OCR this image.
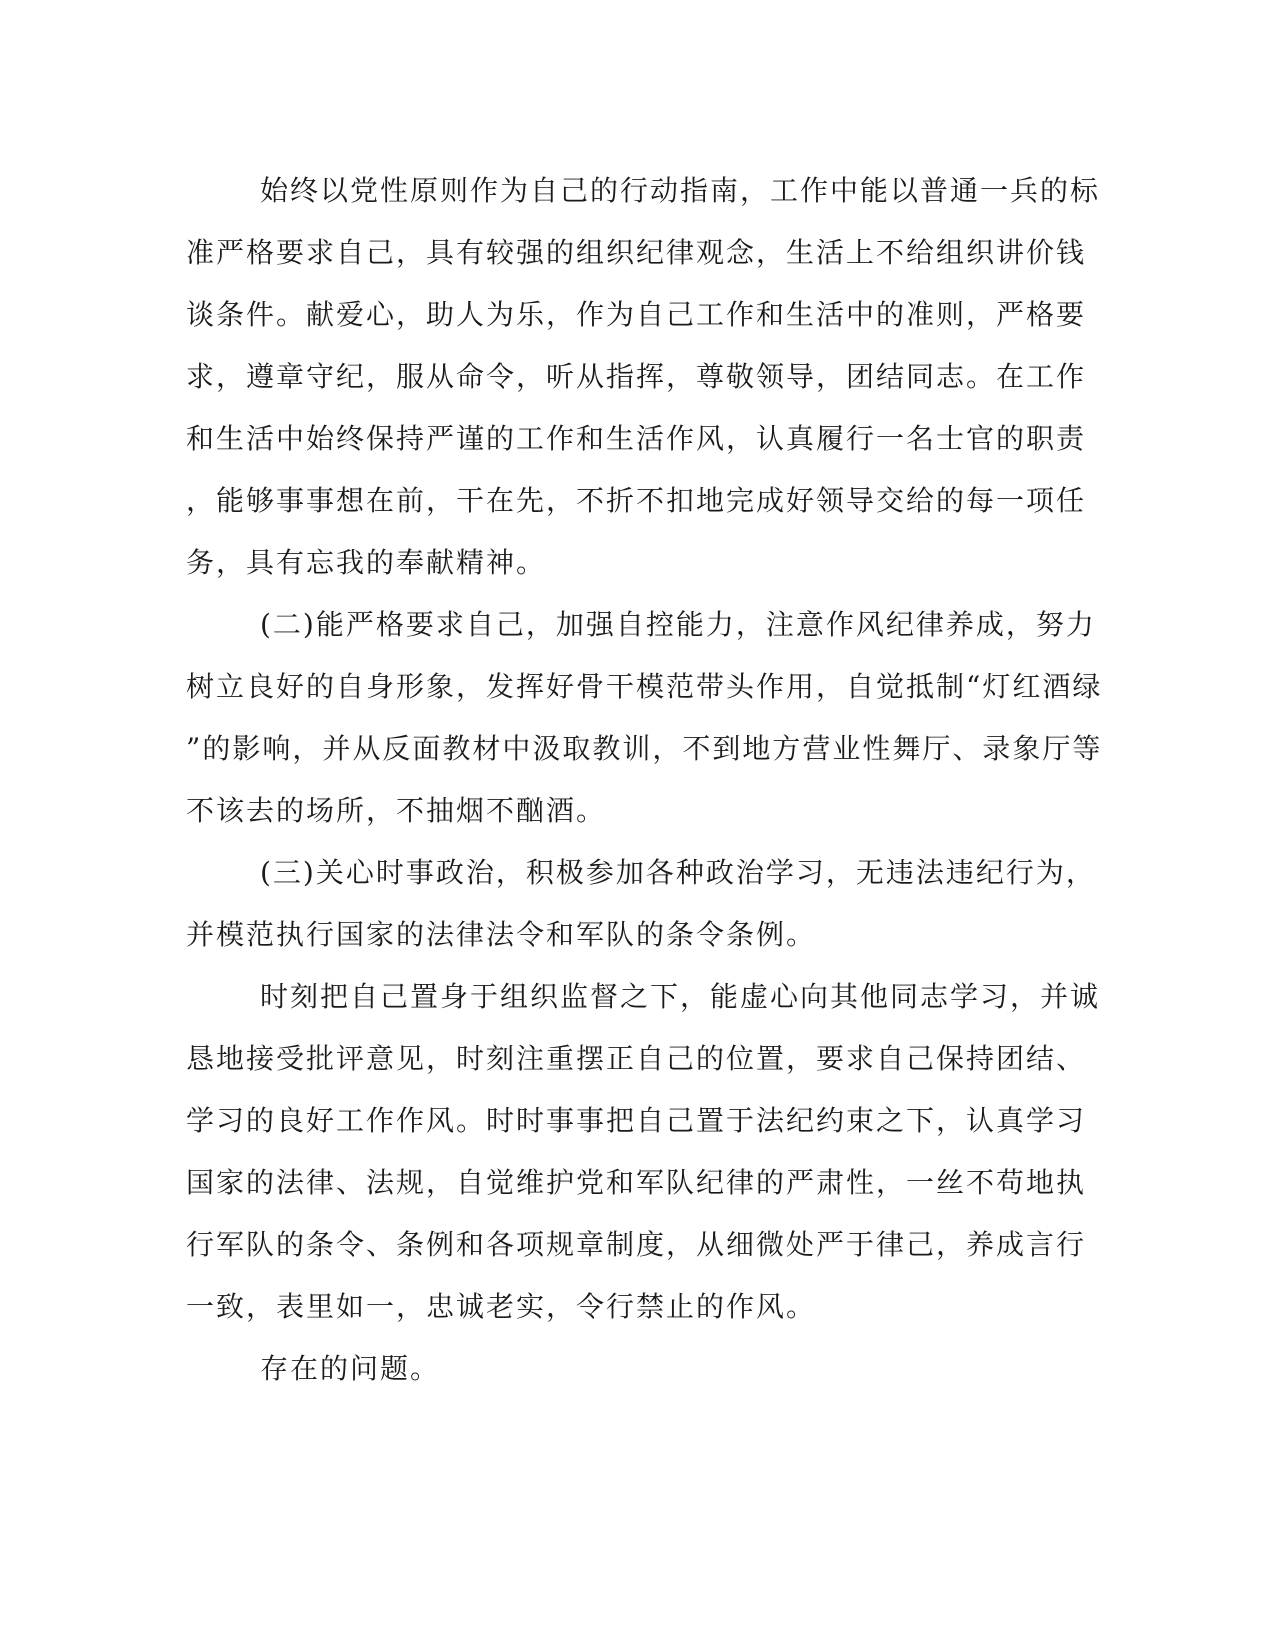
始终以党性原则作为自己的行动指南，工作中能以普通一兵的标
准严格要求自己，具有较强的组织纪律观念，生活上不给组织讲价钱
谈条件。献爱心，助人为乐，作为自己工作和生活中的准则，严格要
求，遵章守纪，服从命令，听从指挥，尊敬领导，团结同志。在工作
和生活中始终保持严谨的工作和生活作风，认真履行一名士官的职责
，能够事事想在前，干在先，不折不扣地完成好领导交给的每一项任
务，具有忘我的奉献精神。
(二)能严格要求自己，加强自控能力，注意作风纪律养成，努力
树立良好的自身形象，发挥好骨干模范带头作用，自觉抵制“灯红酒绿
”的影响，并从反面教材中汲取教训，不到地方营业性舞厅、录象厅等
不该去的场所，不抽烟不酗酒。
(三)关心时事政治，积极参加各种政治学习，无违法违纪行为，
并模范执行国家的法律法令和军队的条令条例。
时刻把自己置身于组织监督之下，能虚心向其他同志学习，并诚
恳地接受批评意见，时刻注重摆正自己的位置，要求自己保持团结、
学习的良好工作作风。时时事事把自己置于法纪约束之下，认真学习
国家的法律、法规，自觉维护党和军队纪律的严肃性，一丝不苟地执
行军队的条令、条例和各项规章制度，从细微处严于律己，养成言行
一致，表里如一，忠诚老实，令行禁止的作风。
存在的问题。
